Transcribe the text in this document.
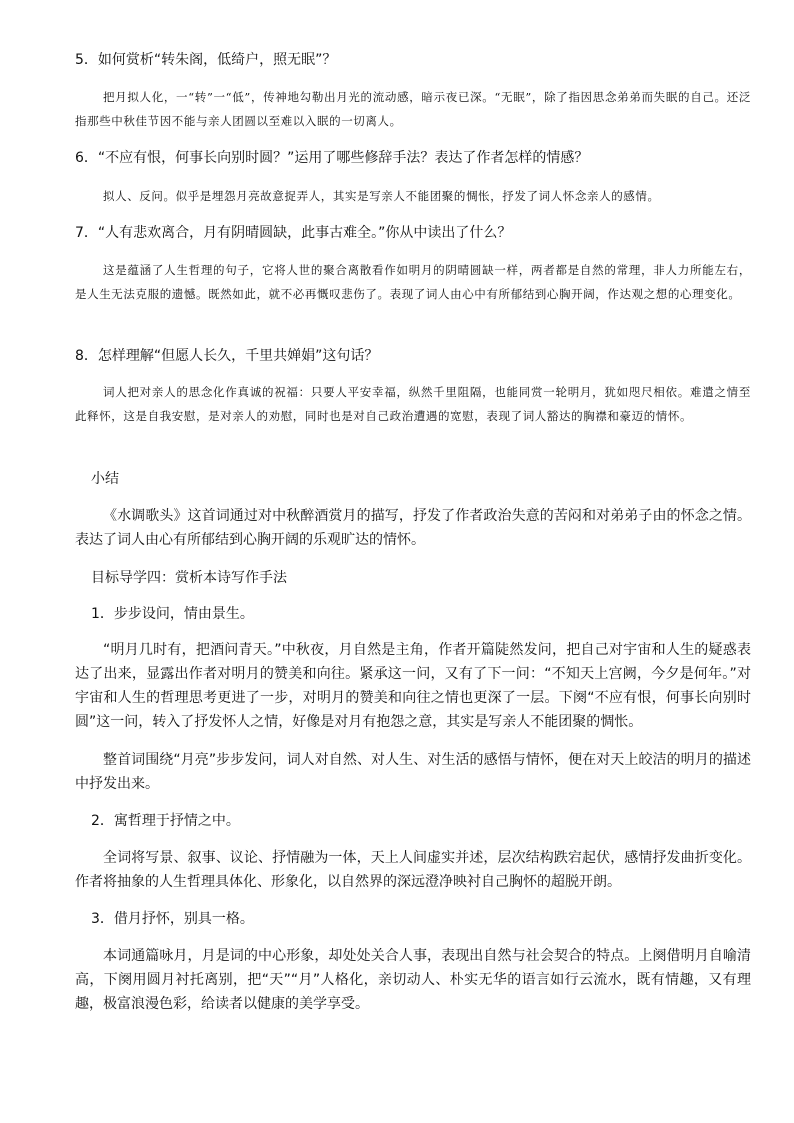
5．如何赏析“转朱阁，低绮户，照无眠”？

把月拟人化，一“转”一“低”，传神地勾勒出月光的流动感，暗示夜已深。“无眠”，除了指因思念弟弟而失眠的自己。还泛指那些中秋佳节因不能与亲人团圆以至难以入眠的一切离人。

6．“不应有恨，何事长向别时圆？”运用了哪些修辞手法？表达了作者怎样的情感？

拟人、反问。似乎是埋怨月亮故意捉弄人，其实是写亲人不能团聚的惆怅，抒发了词人怀念亲人的感情。

7．“人有悲欢离合，月有阴晴圆缺，此事古难全。”你从中读出了什么？

这是蕴涵了人生哲理的句子，它将人世的聚合离散看作如明月的阴晴圆缺一样，两者都是自然的常理，非人力所能左右，是人生无法克服的遗憾。既然如此，就不必再慨叹悲伤了。表现了词人由心中有所郁结到心胸开阔，作达观之想的心理变化。

8．怎样理解“但愿人长久，千里共婵娟”这句话？

词人把对亲人的思念化作真诚的祝福：只要人平安幸福，纵然千里阻隔，也能同赏一轮明月，犹如咫尺相依。难遣之情至此释怀，这是自我安慰，是对亲人的劝慰，同时也是对自己政治遭遇的宽慰，表现了词人豁达的胸襟和豪迈的情怀。

小结

《水调歌头》这首词通过对中秋醉酒赏月的描写，抒发了作者政治失意的苦闷和对弟弟子由的怀念之情。表达了词人由心有所郁结到心胸开阔的乐观旷达的情怀。

目标导学四：赏析本诗写作手法

1．步步设问，情由景生。

“明月几时有，把酒问青天。”中秋夜，月自然是主角，作者开篇陡然发问，把自己对宇宙和人生的疑惑表达了出来，显露出作者对明月的赞美和向往。紧承这一问，又有了下一问：“不知天上宫阙，今夕是何年。”对宇宙和人生的哲理思考更进了一步，对明月的赞美和向往之情也更深了一层。下阕“不应有恨，何事长向别时圆”这一问，转入了抒发怀人之情，好像是对月有抱怨之意，其实是写亲人不能团聚的惆怅。

整首词围绕“月亮”步步发问，词人对自然、对人生、对生活的感悟与情怀，便在对天上皎洁的明月的描述中抒发出来。

2．寓哲理于抒情之中。

全词将写景、叙事、议论、抒情融为一体，天上人间虚实并述，层次结构跌宕起伏，感情抒发曲折变化。作者将抽象的人生哲理具体化、形象化，以自然界的深远澄净映衬自己胸怀的超脱开朗。

3．借月抒怀，别具一格。

本词通篇咏月，月是词的中心形象，却处处关合人事，表现出自然与社会契合的特点。上阕借明月自喻清高，下阕用圆月衬托离别，把“天”“月”人格化，亲切动人、朴实无华的语言如行云流水，既有情趣，又有理趣，极富浪漫色彩，给读者以健康的美学享受。
